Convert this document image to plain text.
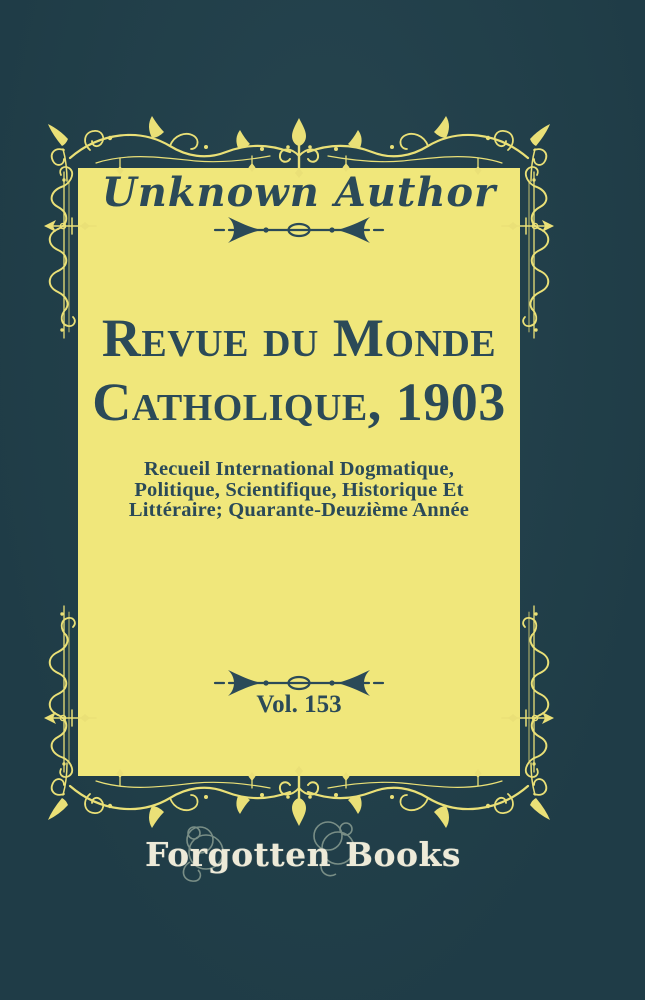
Unknown Author
Revue du Monde
Catholique, 1903
Recueil International Dogmatique,
Politique, Scientifique, Historique Et
Littéraire; Quarante-Deuzième Année
Vol. 153
Forgotten Books
